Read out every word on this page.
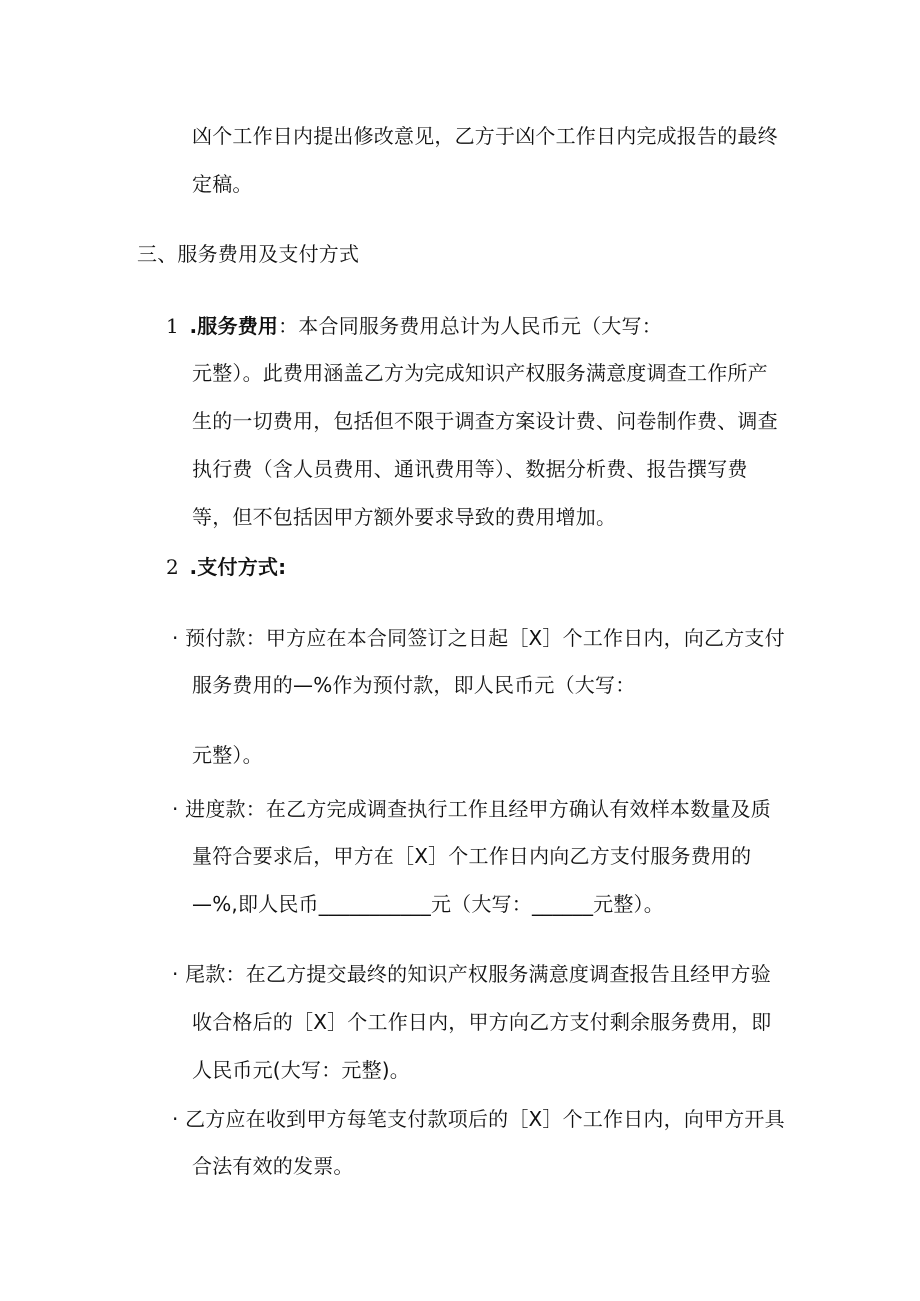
凶个工作日内提出修改意见，乙方于凶个工作日内完成报告的最终
定稿。
三、服务费用及支付方式
1 .服务费用：本合同服务费用总计为人民币元（大写：
元整）。此费用涵盖乙方为完成知识产权服务满意度调查工作所产
生的一切费用，包括但不限于调查方案设计费、问卷制作费、调查
执行费（含人员费用、通讯费用等）、数据分析费、报告撰写费
等，但不包括因甲方额外要求导致的费用增加。
2 .支付方式:
· 预付款：甲方应在本合同签订之日起［X］个工作日内，向乙方支付
服务费用的—%作为预付款，即人民币元（大写：
元整）。
· 进度款：在乙方完成调查执行工作且经甲方确认有效样本数量及质
量符合要求后，甲方在［X］个工作日内向乙方支付服务费用的
—%,即人民币___________元（大写：______元整）。
· 尾款：在乙方提交最终的知识产权服务满意度调查报告且经甲方验
收合格后的［X］个工作日内，甲方向乙方支付剩余服务费用，即
人民币元(大写：元整)。
· 乙方应在收到甲方每笔支付款项后的［X］个工作日内，向甲方开具
合法有效的发票。
